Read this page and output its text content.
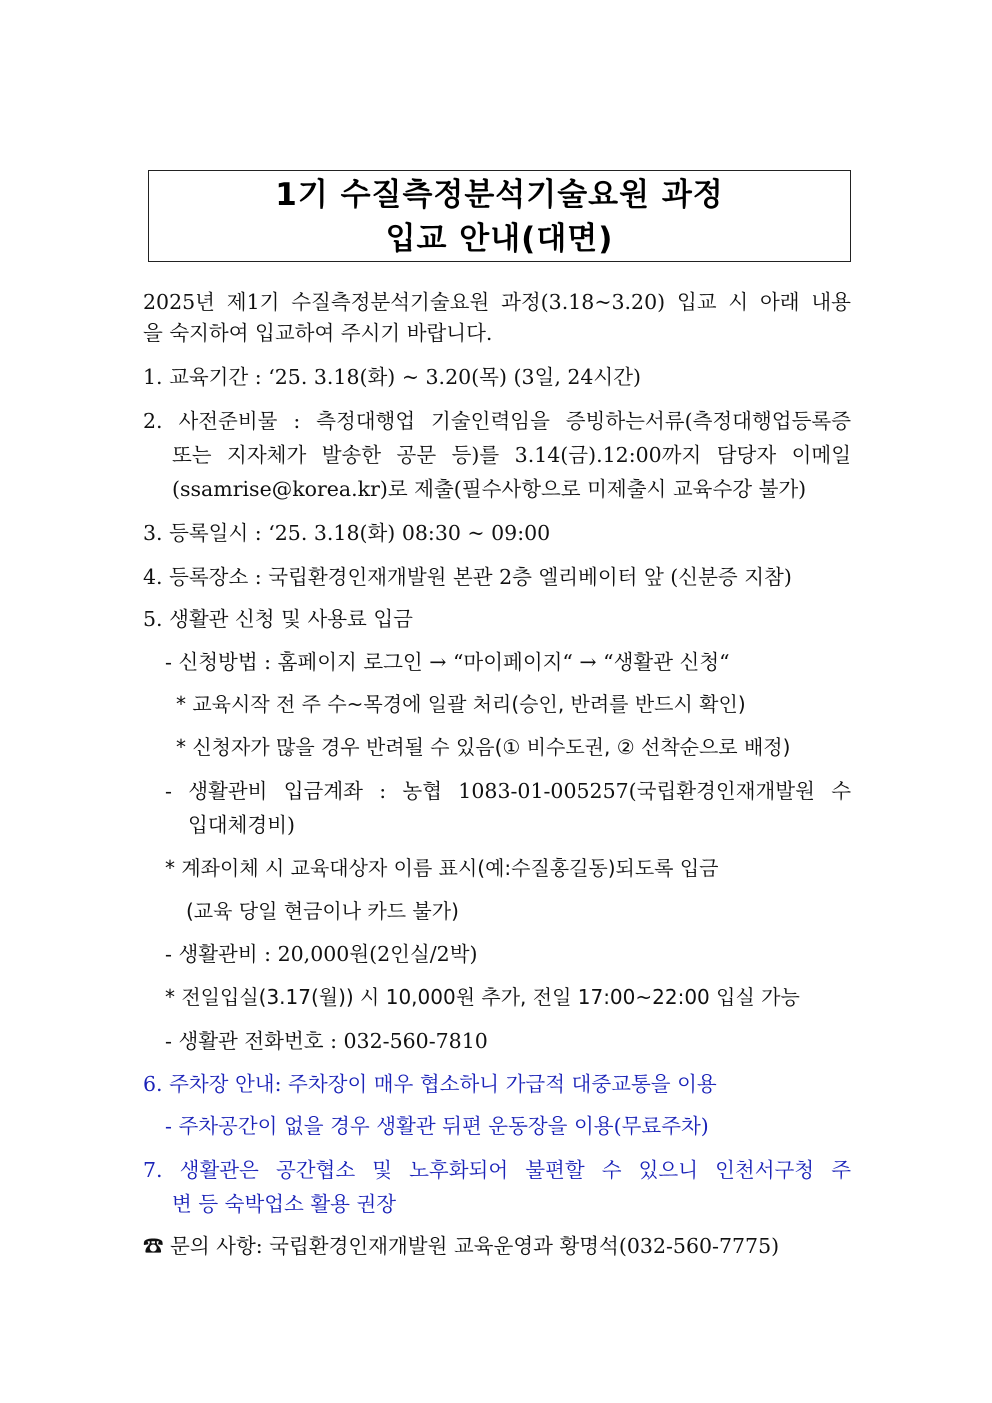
1기 수질측정분석기술요원 과정
입교 안내(대면)
2025년 제1기 수질측정분석기술요원 과정(3.18~3.20) 입교 시 아래 내용
을 숙지하여 입교하여 주시기 바랍니다.
1. 교육기간 : ‘25. 3.18(화) ~ 3.20(목) (3일, 24시간)
2. 사전준비물 : 측정대행업 기술인력임을 증빙하는서류(측정대행업등록증
또는 지자체가 발송한 공문 등)를 3.14(금).12:00까지 담당자 이메일
(ssamrise@korea.kr)로 제출(필수사항으로 미제출시 교육수강 불가)
3. 등록일시 : ‘25. 3.18(화) 08:30 ~ 09:00
4. 등록장소 : 국립환경인재개발원 본관 2층 엘리베이터 앞 (신분증 지참)
5. 생활관 신청 및 사용료 입금
- 신청방법 : 홈페이지 로그인 → “마이페이지“ → “생활관 신청“
* 교육시작 전 주 수~목경에 일괄 처리(승인, 반려를 반드시 확인)
* 신청자가 많을 경우 반려될 수 있음(① 비수도권, ② 선착순으로 배정)
- 생활관비 입금계좌 : 농협 1083-01-005257(국립환경인재개발원 수
입대체경비)
* 계좌이체 시 교육대상자 이름 표시(예:수질홍길동)되도록 입금
(교육 당일 현금이나 카드 불가)
- 생활관비 : 20,000원(2인실/2박)
* 전일입실(3.17(월)) 시 10,000원 추가, 전일 17:00~22:00 입실 가능
- 생활관 전화번호 : 032-560-7810
6. 주차장 안내: 주차장이 매우 협소하니 가급적 대중교통을 이용
- 주차공간이 없을 경우 생활관 뒤편 운동장을 이용(무료주차)
7. 생활관은 공간협소 및 노후화되어 불편할 수 있으니 인천서구청 주
변 등 숙박업소 활용 권장
☎ 문의 사항: 국립환경인재개발원 교육운영과 황명석(032-560-7775)
